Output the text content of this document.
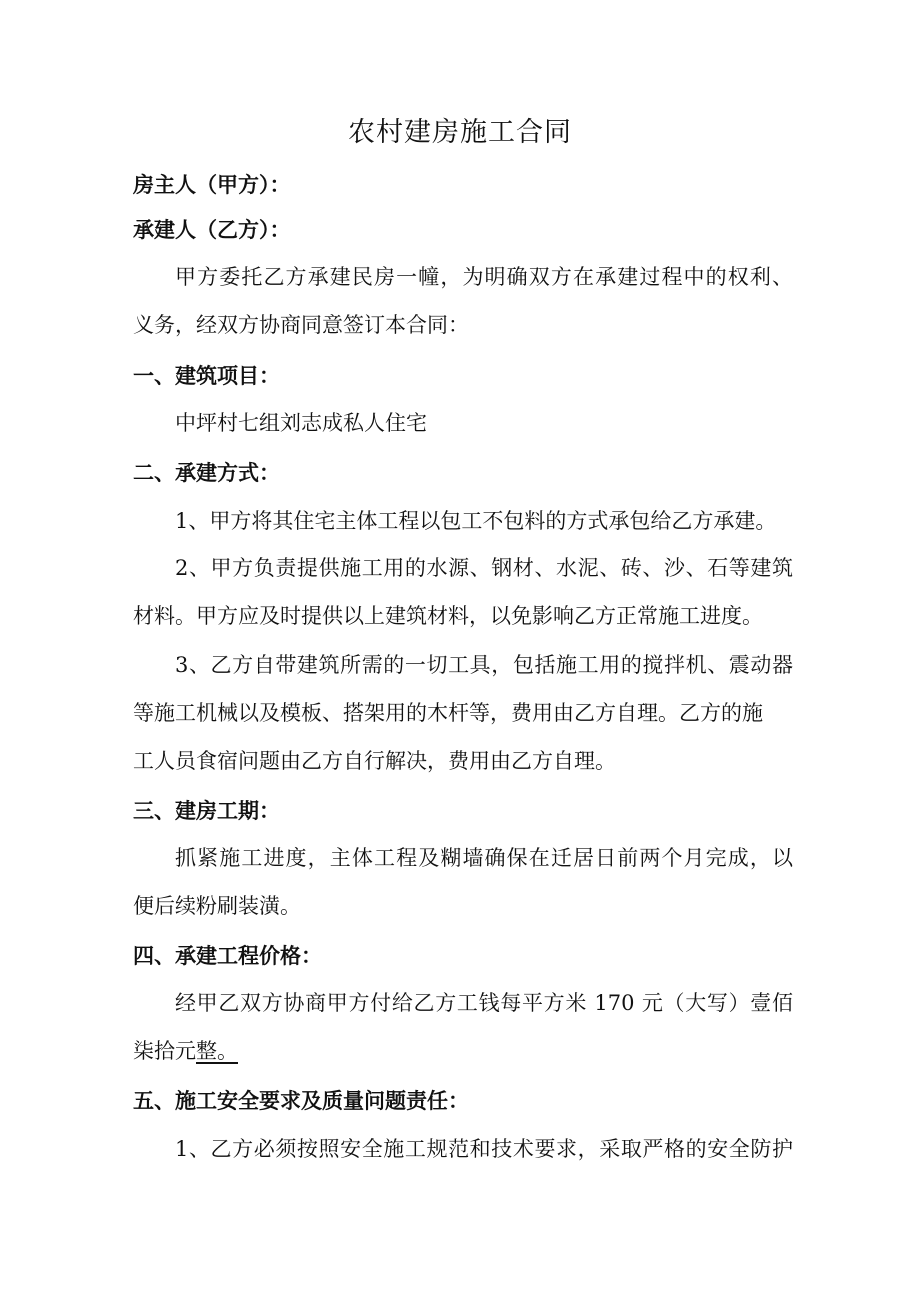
农村建房施工合同

房主人（甲方）：

承建人（乙方）：

甲方委托乙方承建民房一幢，为明确双方在承建过程中的权利、

义务，经双方协商同意签订本合同：

一、建筑项目：

中坪村七组刘志成私人住宅

二、承建方式：

1、甲方将其住宅主体工程以包工不包料的方式承包给乙方承建。

2、甲方负责提供施工用的水源、钢材、水泥、砖、沙、石等建筑

材料。甲方应及时提供以上建筑材料，以免影响乙方正常施工进度。

3、乙方自带建筑所需的一切工具，包括施工用的搅拌机、震动器

等施工机械以及模板、搭架用的木杆等，费用由乙方自理。乙方的施

工人员食宿问题由乙方自行解决，费用由乙方自理。

三、建房工期：

抓紧施工进度，主体工程及糊墙确保在迁居日前两个月完成，以

便后续粉刷装潢。

四、承建工程价格：

经甲乙双方协商甲方付给乙方工钱每平方米 170 元（大写）壹佰

柒拾元整。

五、施工安全要求及质量问题责任：

1、乙方必须按照安全施工规范和技术要求，采取严格的安全防护
